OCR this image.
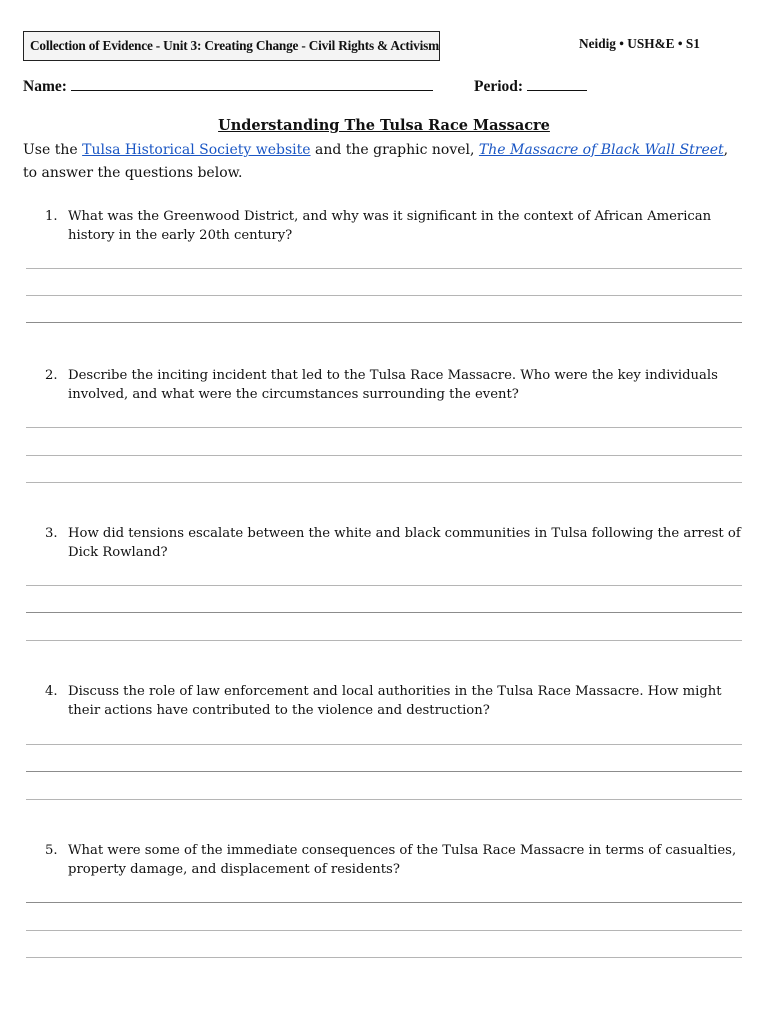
Collection of Evidence - Unit 3: Creating Change - Civil Rights & Activism	Neidig • USH&E • S1
Name:	Period:
Understanding The Tulsa Race Massacre
Use the Tulsa Historical Society website and the graphic novel, The Massacre of Black Wall Street, to answer the questions below.
1. What was the Greenwood District, and why was it significant in the context of African American history in the early 20th century?
2. Describe the inciting incident that led to the Tulsa Race Massacre. Who were the key individuals involved, and what were the circumstances surrounding the event?
3. How did tensions escalate between the white and black communities in Tulsa following the arrest of Dick Rowland?
4. Discuss the role of law enforcement and local authorities in the Tulsa Race Massacre. How might their actions have contributed to the violence and destruction?
5. What were some of the immediate consequences of the Tulsa Race Massacre in terms of casualties, property damage, and displacement of residents?
